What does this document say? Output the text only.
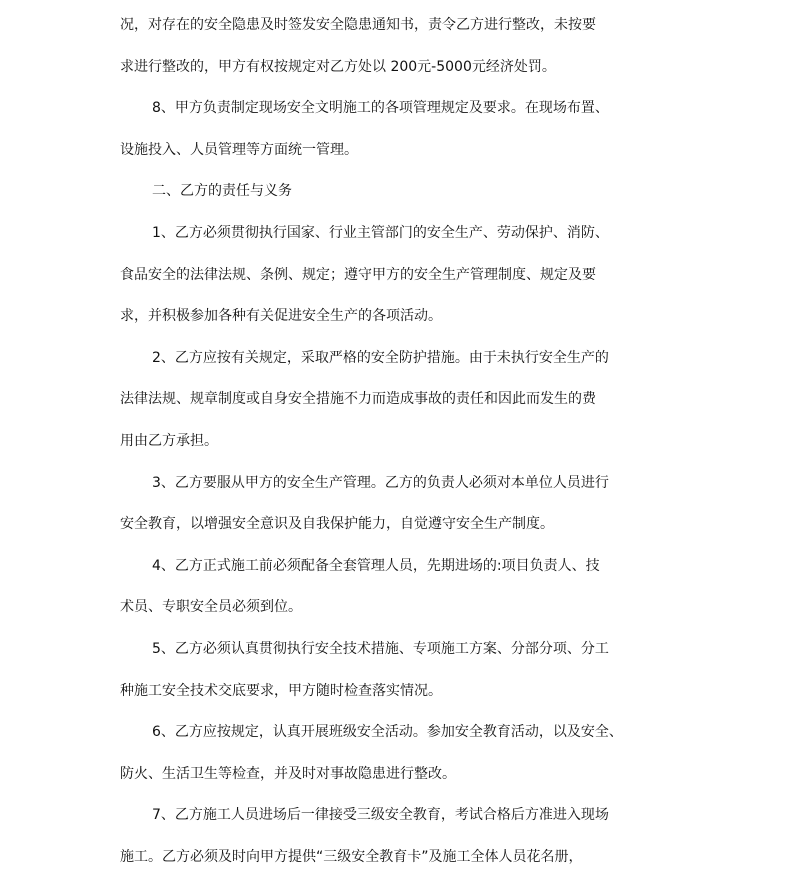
况，对存在的安全隐患及时签发安全隐患通知书，责令乙方进行整改，未按要
求进行整改的，甲方有权按规定对乙方处以 200元-5000元经济处罚。
8、甲方负责制定现场安全文明施工的各项管理规定及要求。在现场布置、
设施投入、人员管理等方面统一管理。
二、乙方的责任与义务
1、乙方必须贯彻执行国家、行业主管部门的安全生产、劳动保护、消防、
食品安全的法律法规、条例、规定；遵守甲方的安全生产管理制度、规定及要
求，并积极参加各种有关促进安全生产的各项活动。
2、乙方应按有关规定，采取严格的安全防护措施。由于未执行安全生产的
法律法规、规章制度或自身安全措施不力而造成事故的责任和因此而发生的费
用由乙方承担。
3、乙方要服从甲方的安全生产管理。乙方的负责人必须对本单位人员进行
安全教育，以增强安全意识及自我保护能力，自觉遵守安全生产制度。
4、乙方正式施工前必须配备全套管理人员，先期进场的:项目负责人、技
术员、专职安全员必须到位。
5、乙方必须认真贯彻执行安全技术措施、专项施工方案、分部分项、分工
种施工安全技术交底要求，甲方随时检查落实情况。
6、乙方应按规定，认真开展班级安全活动。参加安全教育活动，以及安全、
防火、生活卫生等检查，并及时对事故隐患进行整改。
7、乙方施工人员进场后一律接受三级安全教育，考试合格后方准进入现场
施工。乙方必须及时向甲方提供“三级安全教育卡”及施工全体人员花名册，
